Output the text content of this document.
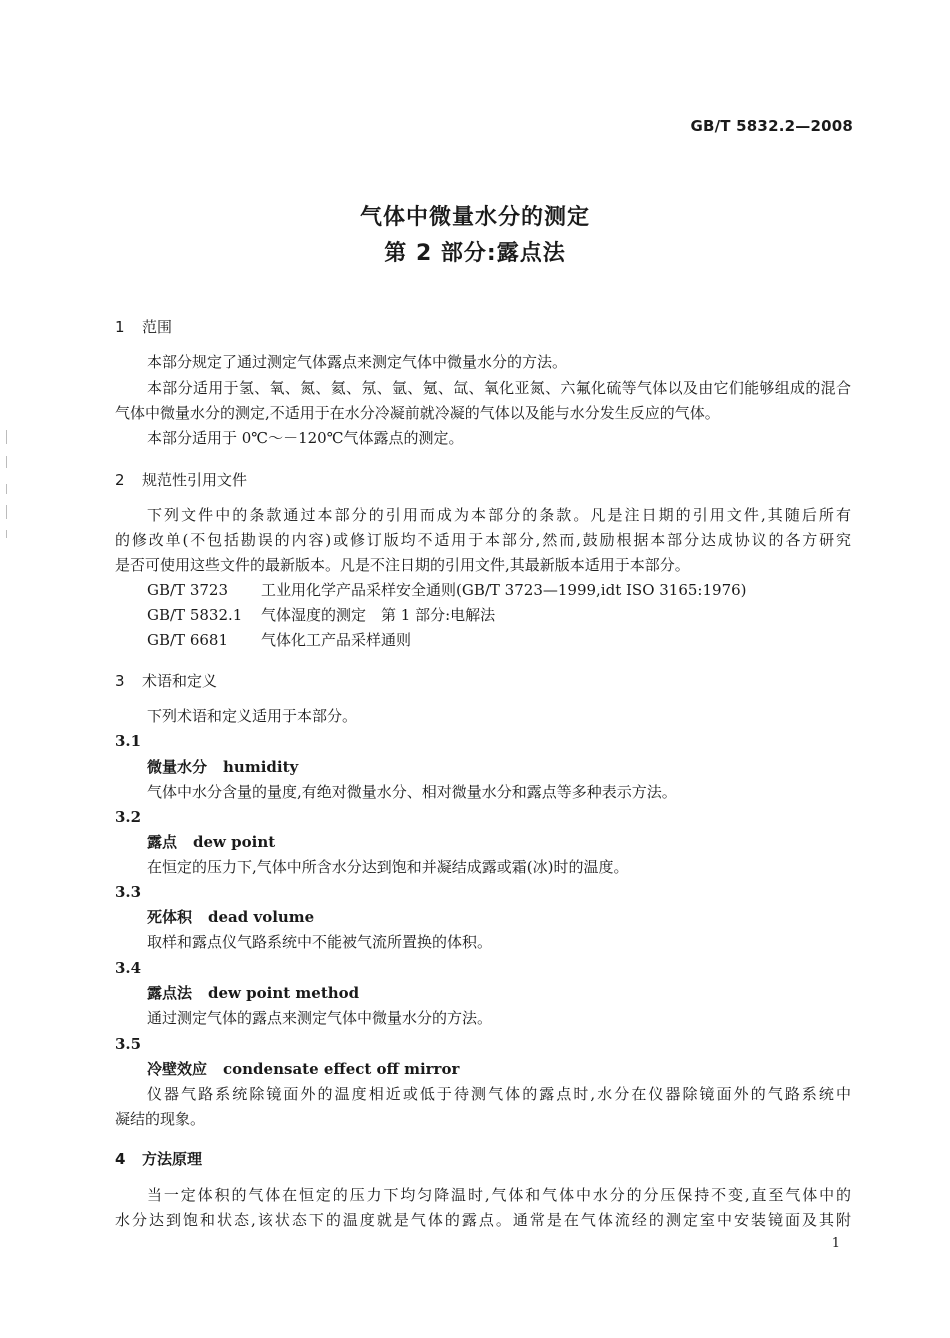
GB/T 5832.2—2008
气体中微量水分的测定
第 2 部分:露点法
1 范围
本部分规定了通过测定气体露点来测定气体中微量水分的方法。
本部分适用于氢、氧、氮、氦、氖、氩、氪、氙、氧化亚氮、六氟化硫等气体以及由它们能够组成的混合
气体中微量水分的测定,不适用于在水分冷凝前就冷凝的气体以及能与水分发生反应的气体。
本部分适用于 0℃～－120℃气体露点的测定。
2 规范性引用文件
下列文件中的条款通过本部分的引用而成为本部分的条款。凡是注日期的引用文件,其随后所有
的修改单(不包括勘误的内容)或修订版均不适用于本部分,然而,鼓励根据本部分达成协议的各方研究
是否可使用这些文件的最新版本。凡是不注日期的引用文件,其最新版本适用于本部分。
GB/T 3723 工业用化学产品采样安全通则(GB/T 3723—1999,idt ISO 3165:1976)
GB/T 5832.1 气体湿度的测定　第 1 部分:电解法
GB/T 6681 气体化工产品采样通则
3 术语和定义
下列术语和定义适用于本部分。
3.1
微量水分 humidity
气体中水分含量的量度,有绝对微量水分、相对微量水分和露点等多种表示方法。
3.2
露点 dew point
在恒定的压力下,气体中所含水分达到饱和并凝结成露或霜(冰)时的温度。
3.3
死体积 dead volume
取样和露点仪气路系统中不能被气流所置换的体积。
3.4
露点法 dew point method
通过测定气体的露点来测定气体中微量水分的方法。
3.5
冷壁效应 condensate effect off mirror
仪器气路系统除镜面外的温度相近或低于待测气体的露点时,水分在仪器除镜面外的气路系统中
凝结的现象。
4 方法原理
当一定体积的气体在恒定的压力下均匀降温时,气体和气体中水分的分压保持不变,直至气体中的
水分达到饱和状态,该状态下的温度就是气体的露点。通常是在气体流经的测定室中安装镜面及其附
1
